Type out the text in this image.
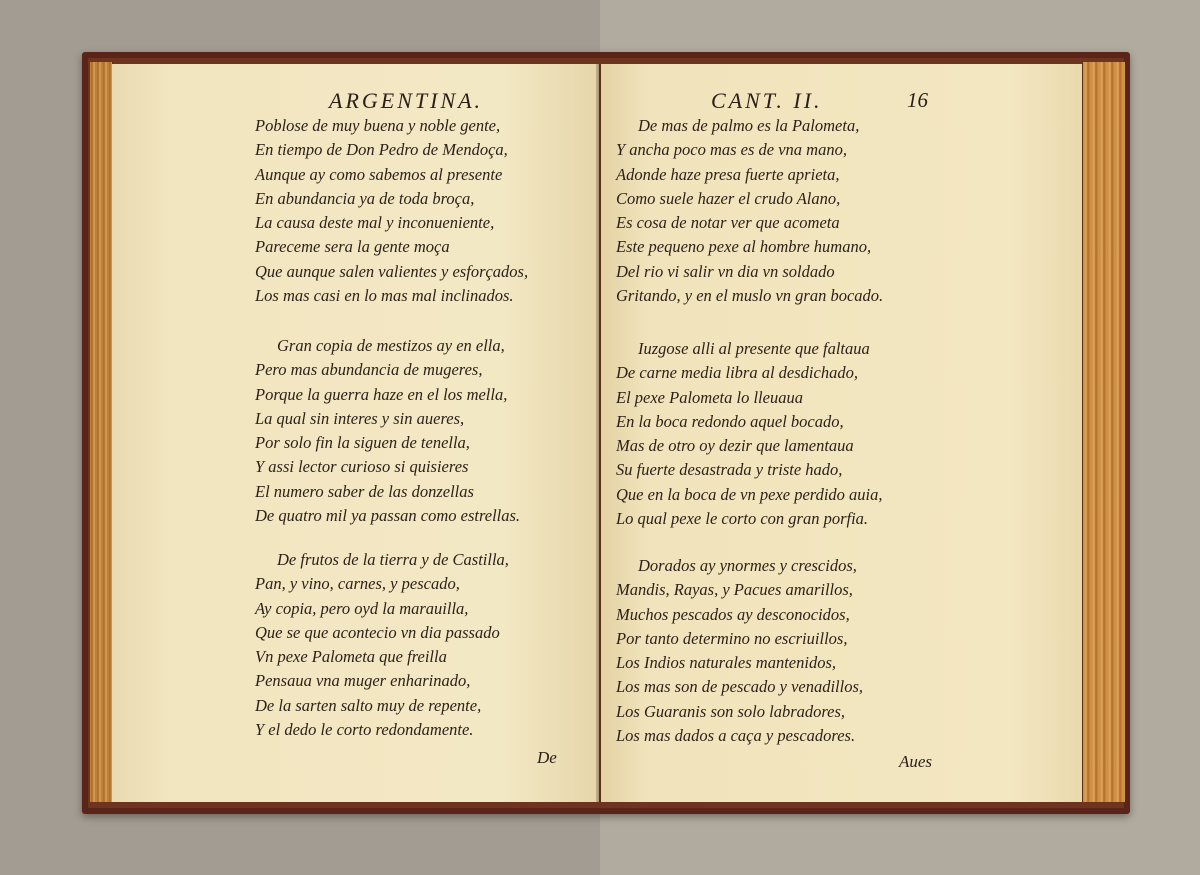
ARGENTINA.
Poblose de muy buena y noble gente,
En tiempo de Don Pedro de Mendoça,
Aunque ay como sabemos al presente
En abundancia ya de toda broça,
La causa deste mal y inconueniente,
Pareceme sera la gente moça
Que aunque salen valientes y esforçados,
Los mas casi en lo mas mal inclinados.
Gran copia de mestizos ay en ella,
Pero mas abundancia de mugeres,
Porque la guerra haze en el los mella,
La qual sin interes y sin aueres,
Por solo fin la siguen de tenella,
Y assi lector curioso si quisieres
El numero saber de las donzellas
De quatro mil ya passan como estrellas.
De frutos de la tierra y de Castilla,
Pan, y vino, carnes, y pescado,
Ay copia, pero oyd la marauilla,
Que se que acontecio vn dia passado
Vn pexe Palometa que freilla
Pensaua vna muger enharinado,
De la sarten salto muy de repente,
Y el dedo le corto redondamente.
De
CANT. II.	16
De mas de palmo es la Palometa,
Y ancha poco mas es de vna mano,
Adonde haze presa fuerte aprieta,
Como suele hazer el crudo Alano,
Es cosa de notar ver que acometa
Este pequeno pexe al hombre humano,
Del rio vi salir vn dia vn soldado
Gritando, y en el muslo vn gran bocado.
Iuzgose alli al presente que faltaua
De carne media libra al desdichado,
El pexe Palometa lo lleuaua
En la boca redondo aquel bocado,
Mas de otro oy dezir que lamentaua
Su fuerte desastrada y triste hado,
Que en la boca de vn pexe perdido auia,
Lo qual pexe le corto con gran porfia.
Dorados ay ynormes y crescidos,
Mandis, Rayas, y Pacues amarillos,
Muchos pescados ay desconocidos,
Por tanto determino no escriuillos,
Los Indios naturales mantenidos,
Los mas son de pescado y venadillos,
Los Guaranis son solo labradores,
Los mas dados a caça y pescadores.
Aues
